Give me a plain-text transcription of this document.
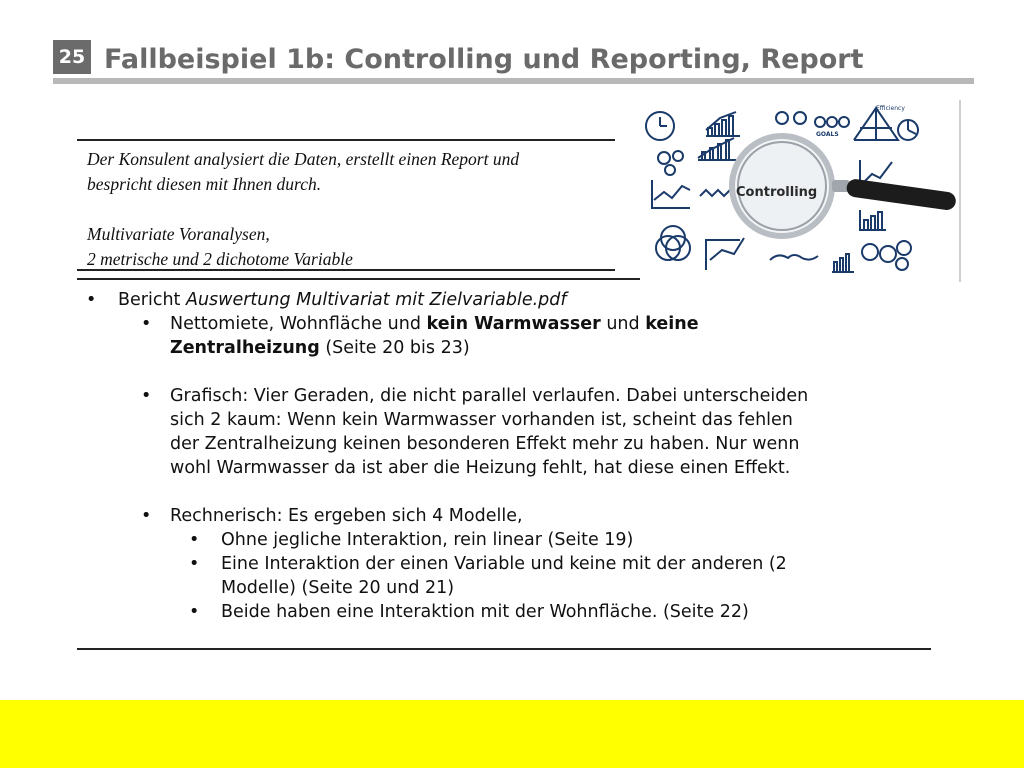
25 Fallbeispiel 1b: Controlling und Reporting, Report

Der Konsulent analysiert die Daten, erstellt einen Report und

bespricht diesen mit Ihnen durch.

Multivariate Voranalysen,

2 metrische und 2 dichotome Variable

Efficiency
GOALS
Controlling
• Bericht Auswertung Multivariat mit Zielvariable.pdf
• Nettomiete, Wohnfläche und kein Warmwasser und keine
Zentralheizung (Seite 20 bis 23)
• Grafisch: Vier Geraden, die nicht parallel verlaufen. Dabei unterscheiden
sich 2 kaum: Wenn kein Warmwasser vorhanden ist, scheint das fehlen
der Zentralheizung keinen besonderen Effekt mehr zu haben. Nur wenn
wohl Warmwasser da ist aber die Heizung fehlt, hat diese einen Effekt.
• Rechnerisch: Es ergeben sich 4 Modelle,
• Ohne jegliche Interaktion, rein linear (Seite 19)
• Eine Interaktion der einen Variable und keine mit der anderen (2
Modelle) (Seite 20 und 21)
• Beide haben eine Interaktion mit der Wohnfläche. (Seite 22)
